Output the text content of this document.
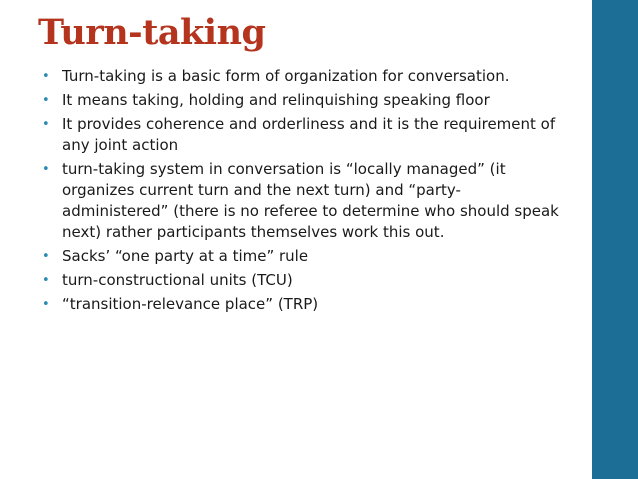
Turn-taking
• Turn-taking is a basic form of organization for conversation.
• It means taking, holding and relinquishing speaking floor
• It provides coherence and orderliness and it is the requirement of any joint action
• turn-taking system in conversation is “locally managed” (it organizes current turn and the next turn) and “party-administered” (there is no referee to determine who should speak next) rather participants themselves work this out.
• Sacks’ “one party at a time” rule
• turn-constructional units (TCU)
• “transition-relevance place” (TRP)
24
